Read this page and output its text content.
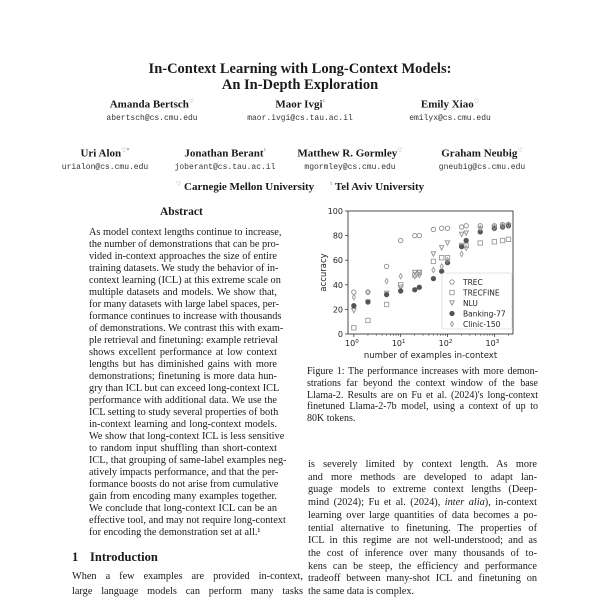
In-Context Learning with Long-Context Models:
An In-Depth Exploration
Amanda Bertsch♡
abertsch@cs.cmu.edu
Maor Ivgi♮
maor.ivgi@cs.tau.ac.il
Emily Xiao♡
emilyx@cs.cmu.edu
Uri Alon♡*
urialon@cs.cmu.edu
Jonathan Berant♮
joberant@cs.tau.ac.il
Matthew R. Gormley♡
mgormley@cs.cmu.edu
Graham Neubig♡
gneubig@cs.cmu.edu
♡ Carnegie Mellon University	♮ Tel Aviv University
Abstract
As model context lengths continue to increase,
the number of demonstrations that can be pro-
vided in-context approaches the size of entire
training datasets. We study the behavior of in-
context learning (ICL) at this extreme scale on
multiple datasets and models. We show that,
for many datasets with large label spaces, per-
formance continues to increase with thousands
of demonstrations. We contrast this with exam-
ple retrieval and finetuning: example retrieval
shows excellent performance at low context
lengths but has diminished gains with more
demonstrations; finetuning is more data hun-
gry than ICL but can exceed long-context ICL
performance with additional data. We use the
ICL setting to study several properties of both
in-context learning and long-context models.
We show that long-context ICL is less sensitive
to random input shuffling than short-context
ICL, that grouping of same-label examples neg-
atively impacts performance, and that the per-
formance boosts do not arise from cumulative
gain from encoding many examples together.
We conclude that long-context ICL can be an
effective tool, and may not require long-context
for encoding the demonstration set at all.¹
1 Introduction
When a few examples are provided in-context,
large language models can perform many tasks
is severely limited by context length. As more
and more methods are developed to adapt lan-
guage models to extreme context lengths (Deep-
mind (2024); Fu et al. (2024), inter alia), in-context
learning over large quantities of data becomes a po-
tential alternative to finetuning. The properties of
ICL in this regime are not well-understood; and as
the cost of inference over many thousands of to-
kens can be steep, the efficiency and performance
tradeoff between many-shot ICL and finetuning on
the same data is complex.
0
20
40
60
80
100
$10^0$	$10^1$	$10^2$	$10^3$
number of examples in-context
accuracy	TREC
TRECFINE
NLU
Banking-77
Clinic-150
Figure 1: The performance increases with more demon-
strations far beyond the context window of the base
Llama-2. Results are on Fu et al. (2024)'s long-context
finetuned Llama-2-7b model, using a context of up to
80K tokens.
